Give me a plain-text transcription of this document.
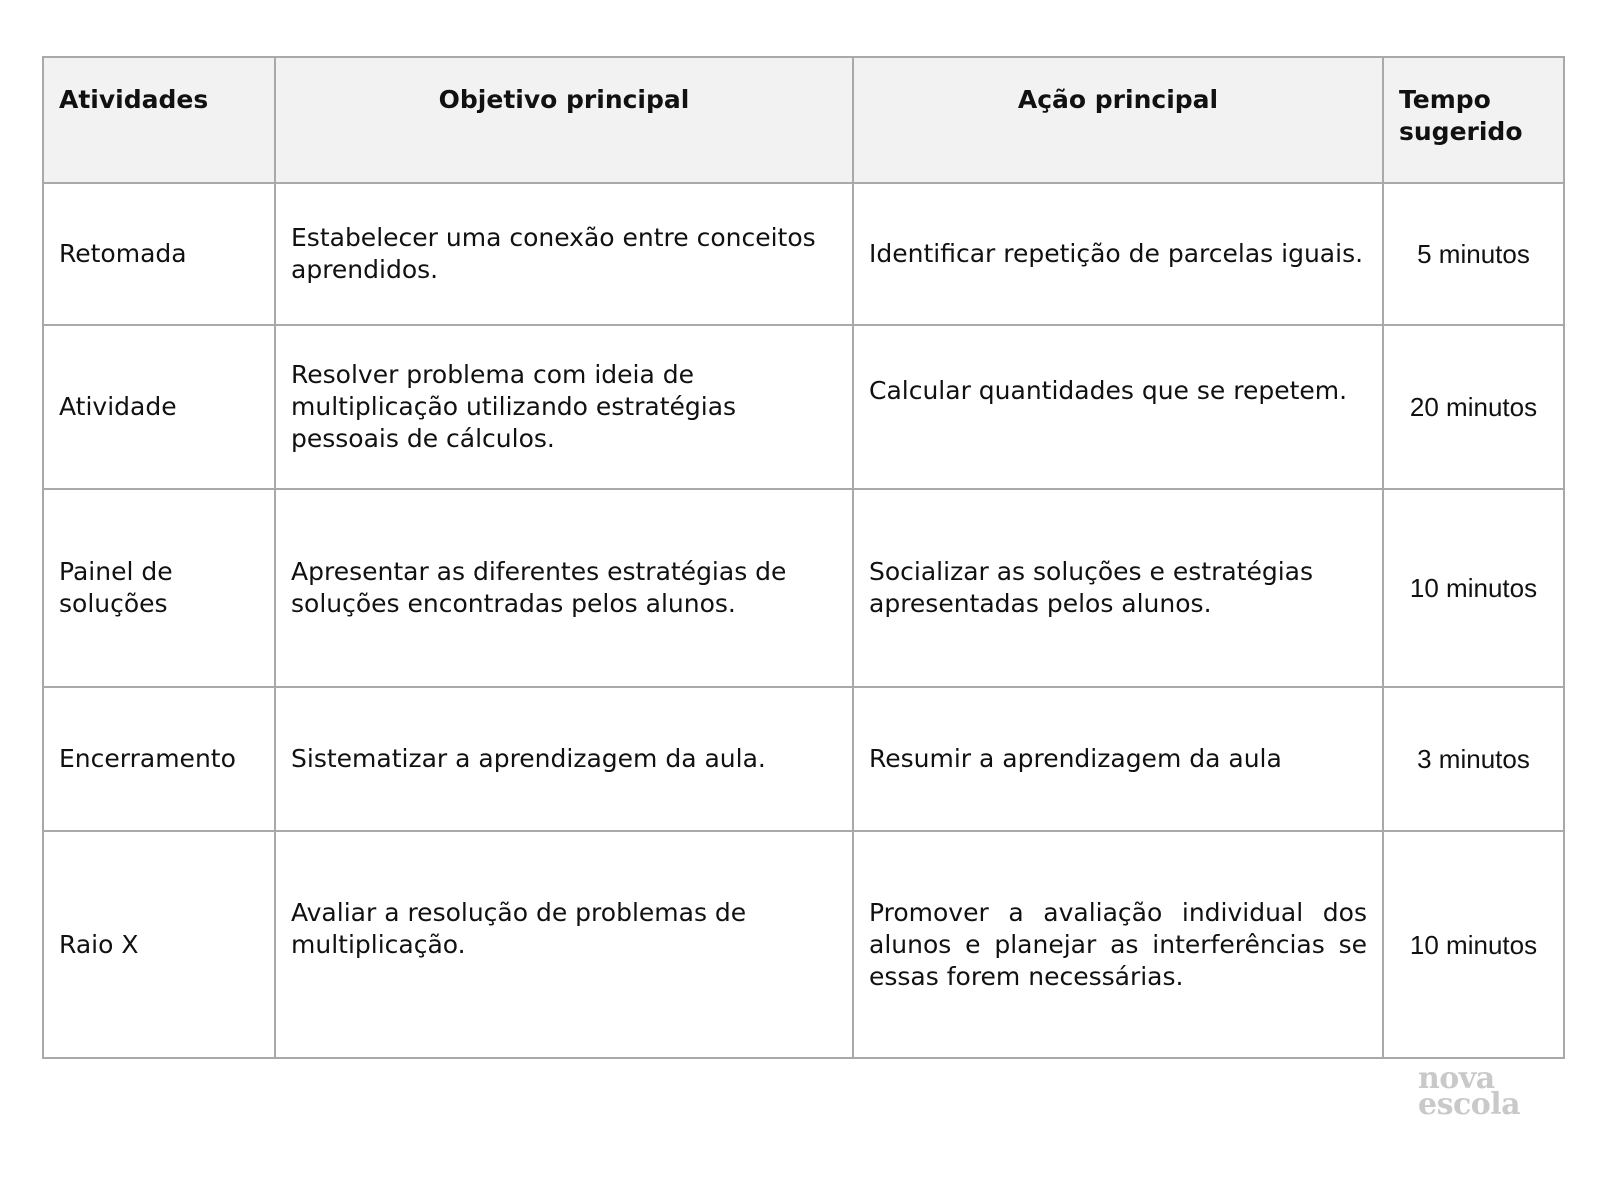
Atividades	Objetivo principal	Ação principal	Tempo sugerido
Retomada	Estabelecer uma conexão entre conceitos aprendidos.	Identificar repetição de parcelas iguais.	5 minutos
Atividade	Resolver problema com ideia de multiplicação utilizando estratégias pessoais de cálculos.	Calcular quantidades que se repetem.	20 minutos
Painel de soluções	Apresentar as diferentes estratégias de soluções encontradas pelos alunos.	Socializar as soluções e estratégias apresentadas pelos alunos.	10 minutos
Encerramento	Sistematizar a aprendizagem da aula.	Resumir a aprendizagem da aula	3 minutos
Raio X	Avaliar a resolução de problemas de multiplicação.	Promover a avaliação individual dos alunos e planejar as interferências se essas forem necessárias.	10 minutos
nova
escola
